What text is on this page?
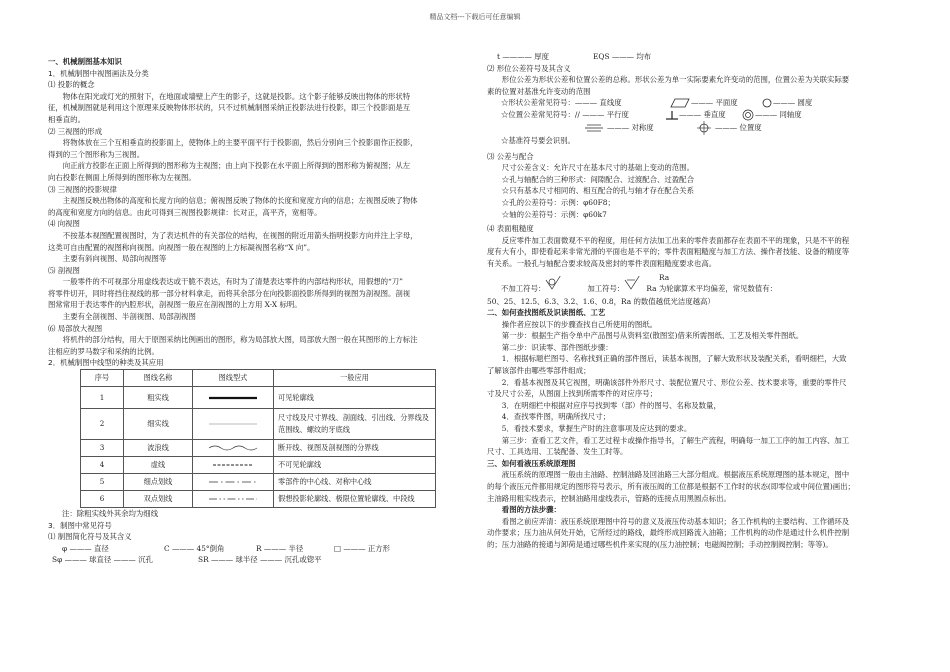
精品文档---下载后可任意编辑
一、机械制图基本知识
1．机械制图中视图画法及分类
⑴ 投影的概念
物体在阳光或灯光的照射下，在地面或墙壁上产生的影子，这就是投影。这个影子能够反映出物体的形状特
征，机械制图就是利用这个原理来反映物体形状的，只不过机械制图采纳正投影法进行投影，即三个投影面是互
相垂直的。
⑵ 三视图的形成
将物体放在三个互相垂直的投影面上，使物体上的主要平面平行于投影面，然后分别向三个投影面作正投影，
得到的三个图形称为三视图。
向正前方投影在正面上所得到的图形称为主视图；由上向下投影在水平面上所得到的图形称为俯视图；从左
向右投影在侧面上所得到的图形称为左视图。
⑶ 三视图的投影规律
主视图反映出物体的高度和长度方向的信息；俯视图反映了物体的长度和宽度方向的信息；左视图反映了物体
的高度和宽度方向的信息。由此可得到三视图投影规律：长对正，高平齐，宽相等。
⑷ 向视图
不按基本视图配置视图时，为了表达机件的有关部位的结构，在视图的附近用箭头指明投影方向并注上字母，
这类可自由配置的视图称向视图。向视图一般在视图的上方标凝视图名称“X 向”。
主要有斜向视图、局部向视图等
⑸ 剖视图
一般零件的不可视部分用虚线表达或干脆不表达，有时为了清楚表达零件的内部结构形状，用假想的“刀”
将零件切开，同时将挡住视线的那一部分材料拿走，而将其余部分在向投影面投影所得到的视图为剖视图。剖视
图常常用于表达零件的内腔形状，剖视图一般应在剖视图的上方用 X-X 标明。
主要有全剖视图、半剖视图、局部剖视图
⑹ 局部放大视图
将机件的部分结构，用大于原图采纳比例画出的图形，称为局部放大图，局部放大图一般在其图形的上方标注
注相应的罗马数字和采纳的比例。
2．机械制图中线型的种类及其应用
序号	图线名称	图线型式	一般应用
1	粗实线		可见轮廓线
2	细实线		尺寸线及尺寸界线、剖面线、引出线、分界线及
范围线、螺纹的牙底线

3	波浪线		断开线、视图及剖视图的分界线
4	虚线		不可见轮廓线
5	细点划线		零部件的中心线、对称中心线
6	双点划线		假想投影轮廓线、极限位置轮廓线、中段线
注：除粗实线外其余均为细线
3．制图中常见符号
⑴ 制图简化符号及其含义
φ ——— 直径	C ——— 45°倒角	R ——— 半径	□ ——— 正方形
Sφ ——— 球直径 ——— 沉孔	SR ——— 球半径 ——— 沉孔或锪平
t ———— 厚度	EQS ——— 均布
⑵ 形位公差符号及其含义
形位公差为形状公差和位置公差的总称。形状公差为单一实际要素允许变动的范围，位置公差为关联实际要
素的位置对基准允许变动的范围
☆形状公差常见符号：——— 直线度	——— 平面度	——— 圆度
☆位置公差常见符号：// ——— 平行度	——— 垂直度	——— 同轴度
——— 对称度	——— 位置度
☆基准符号要会识别。
⑶ 公差与配合
尺寸公差含义：允许尺寸在基本尺寸的基础上变动的范围。
☆孔与轴配合的三种形式：间隙配合、过渡配合、过盈配合
☆只有基本尺寸相同的、相互配合的孔与轴才存在配合关系
☆孔的公差符号：示例：φ60F8；
☆轴的公差符号：示例：φ60k7
⑷ 表面粗糙度
反应零件加工表面微观不平的程度，用任何方法加工出来的零件表面都存在表面不平的现象，只是不平的程
度有大有小，即使看起来非常光滑的平面也是不平的；零件表面粗糙度与加工方法、操作者技能、设备的精度等
有关系。一般孔与轴配合要求较高及密封的零件表面粗糙度要求也高。
Ra
不加工符号：	加工符号：	Ra 为轮廓算术平均偏差，常见数值有：
50、25、12.5、6.3、3.2、1.6、0.8，Ra 的数值越低光洁度越高）
二、如何查找图纸及识读图纸、工艺
操作者应按以下的步骤查找自己所使用的图纸。
第一步：根据生产指令单中产品图号从资料室(散图室)借来所需图纸、工艺及相关零件图纸。
第二步：识读零、部件图纸步骤：
1．根据标题栏图号、名称找到正确的部件图后，读基本视图，了解大致形状及装配关系，看明细栏，大致
了解该部件由哪些零部件组成；
2．看基本视图及其它视图，明确该部件外形尺寸、装配位置尺寸、形位公差、技术要求等，重要的零件尺
寸及尺寸公差，从图面上找到所需零件的对应序号；
3．在明细栏中根据对应序号找到零（部）件的图号、名称及数量，
4．查找零件图，明确所找尺寸；
5．看技术要求，掌握生产时的注意事项及应达到的要求。
第三步：查看工艺文件，看工艺过程卡或操作指导书，了解生产流程，明确每一加工工序的加工内容、加工
尺寸、工具选用、工装配备、发生工时等。
三、如何看液压系统原理图
液压系统的原理图一般由主油路、控制油路及回油路三大部分组成。根据液压系统原理图的基本规定，图中
的每个液压元件都用规定的图形符号表示，所有液压阀的工位都是根据不工作时的状态(即零位或中间位置)画出；
主油路用粗实线表示，控制油路用虚线表示，管路的连接点用黑圆点标出。
看图的方法步骤：
看图之前应弄清：液压系统原理图中符号的意义及液压传动基本知识；各工作机构的主要结构、工作循环及
动作要求；压力油从何处开始，它所经过的路线，最终形成回路流入油箱；工作机构的动作是通过什么机件控制
的；压力油路的接通与卸荷是通过哪些机件来实现的(压力油控制；电磁阀控制；手动控制阀控制；等等)。
